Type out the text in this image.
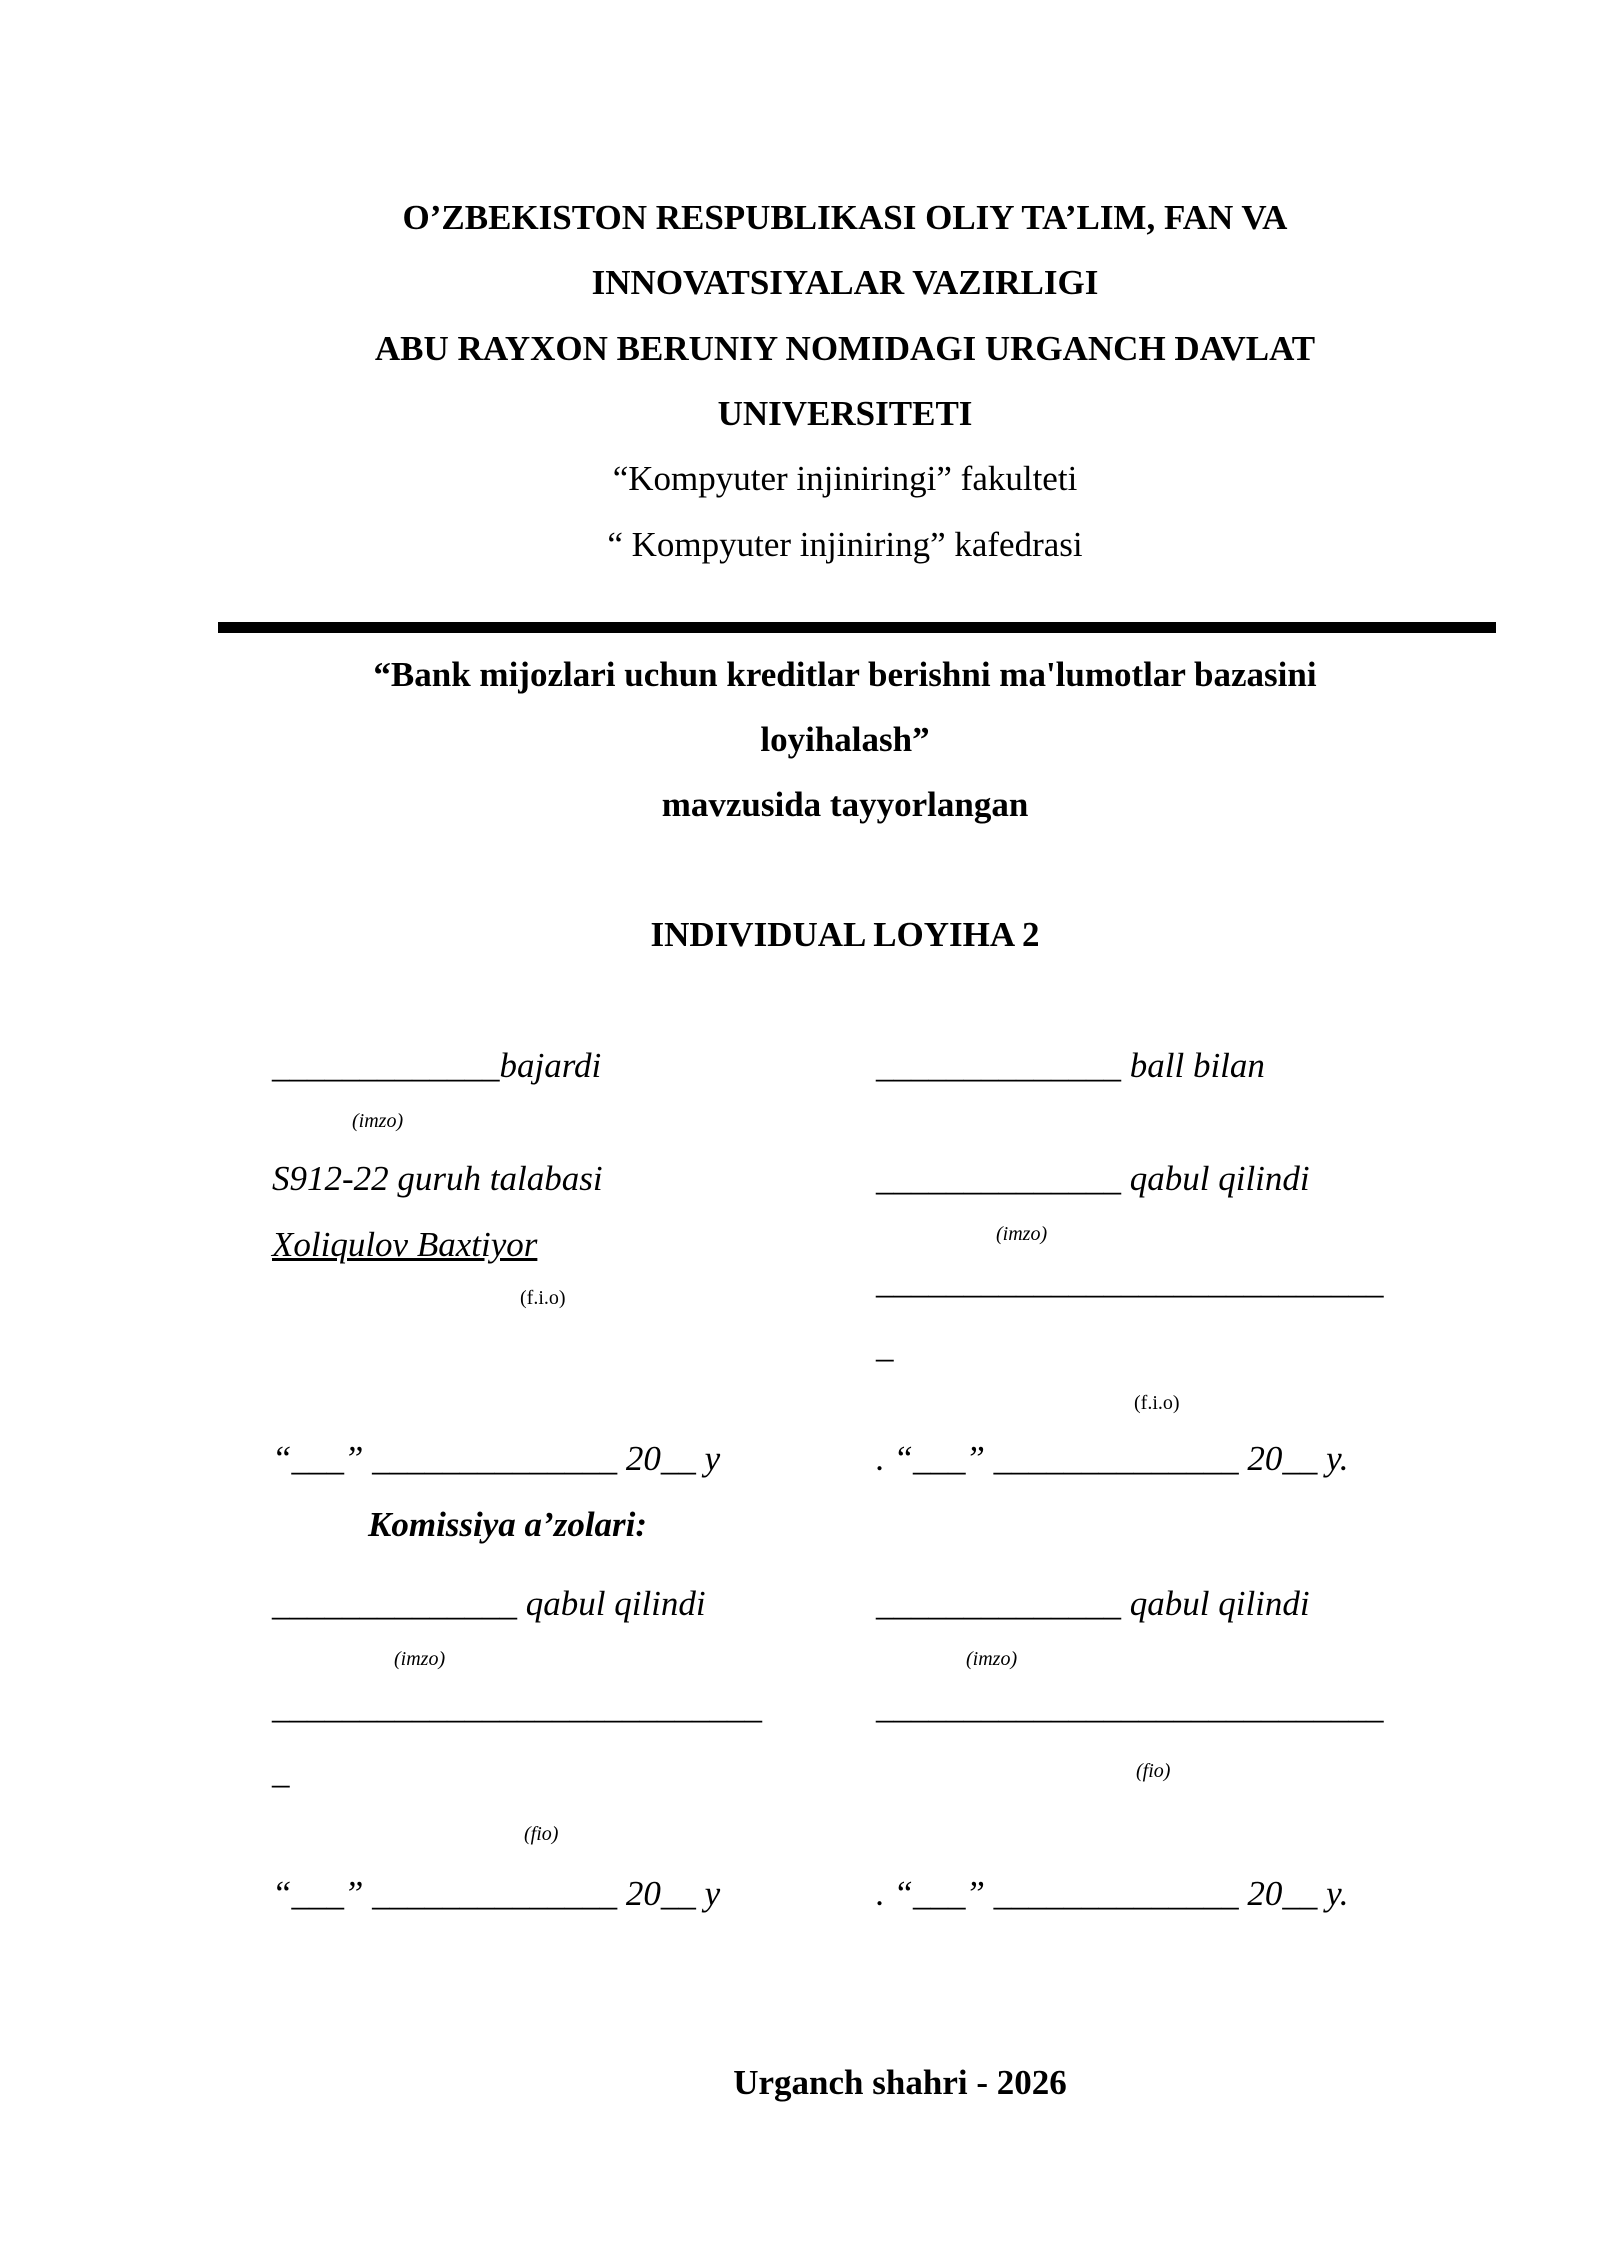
O’ZBEKISTON RESPUBLIKASI OLIY TA’LIM, FAN VA
INNOVATSIYALAR VAZIRLIGI
ABU RAYXON BERUNIY NOMIDAGI URGANCH DAVLAT
UNIVERSITETI
“Kompyuter injiniringi” fakulteti
“ Kompyuter injiniring” kafedrasi
“Bank mijozlari uchun kreditlar berishni ma'lumotlar bazasini
loyihalash”
mavzusida tayyorlangan
INDIVIDUAL LOYIHA 2
_____________bajardi
(imzo)
S912-22 guruh talabasi
Xoliqulov Baxtiyor
(f.i.o)
“___” ______________ 20__ y
______________ ball bilan
______________ qabul qilindi
(imzo)
_____________________________
_
(f.i.o)
. “___” ______________ 20__ y.
Komissiya a’zolari:
______________ qabul qilindi
(imzo)
____________________________
_
(fio)
“___” ______________ 20__ y
______________ qabul qilindi
(imzo)
_____________________________
(fio)
. “___” ______________ 20__ y.
Urganch shahri - 2026
